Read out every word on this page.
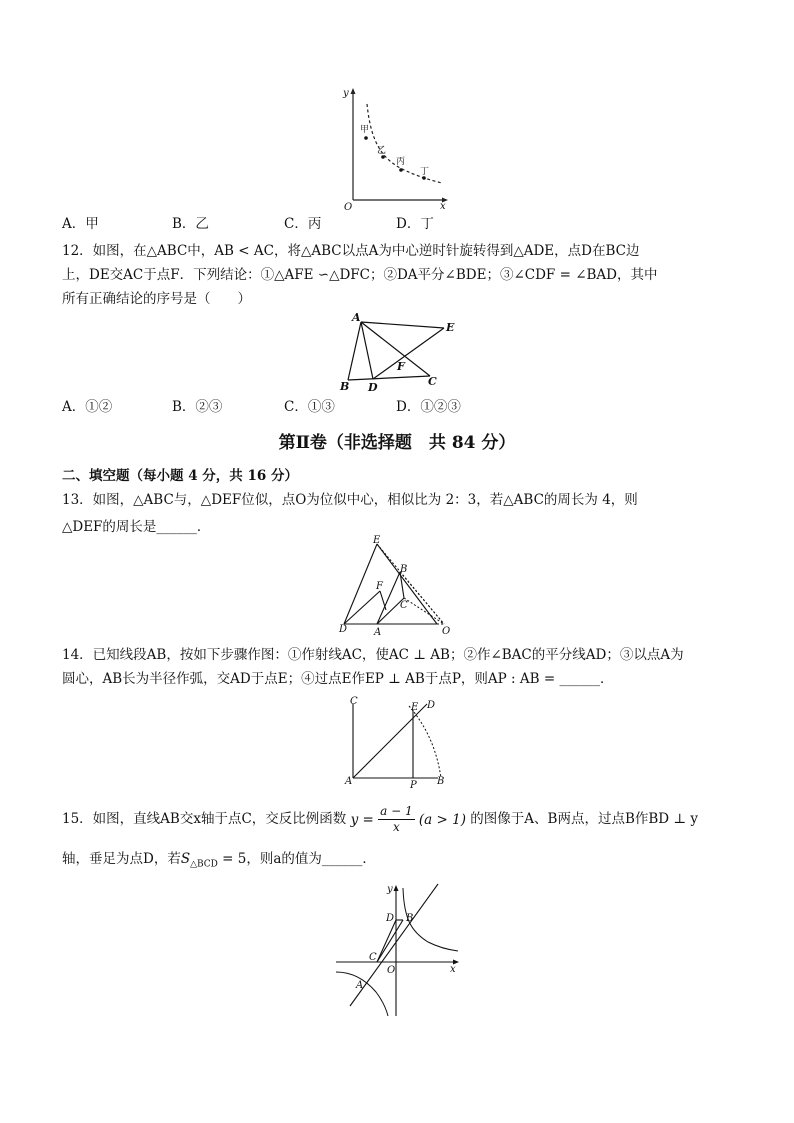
y
x
O
甲
乙
丙
丁
A．甲	B．乙	C．丙	D．丁
12．如图，在△ABC中，AB < AC，将△ABC以点A为中心逆时针旋转得到△ADE，点D在BC边
上，DE交AC于点F．下列结论：①△AFE ∽△DFC；②DA平分∠BDE；③∠CDF = ∠BAD，其中
所有正确结论的序号是（　　）
A
E
F
B D	C
A．①②	B．②③	C．①③	D．①②③
第Ⅱ卷（非选择题　共 84 分）
二、填空题（每小题 4 分，共 16 分）
13．如图，△ABC与，△DEF位似，点O为位似中心，相似比为 2：3，若△ABC的周长为 4，则
△DEF的周长是______．
E
B
F
C
D	A	O
14．已知线段AB，按如下步骤作图：①作射线AC，使AC ⊥ AB；②作∠BAC的平分线AD；③以点A为
圆心，AB长为半径作弧，交AD于点E；④过点E作EP ⊥ AB于点P，则AP : AB = ______．
C	D
E
A	P B
15．如图，直线AB交x轴于点C，交反比例函数 $y = \frac{a - 1}{x} (a > 1)$ 的图像于A、B两点，过点B作BD ⊥ y
轴，垂足为点D，若$S_{\triangle BCD} = 5$，则a的值为______．
y
x
O
D B
C
A
